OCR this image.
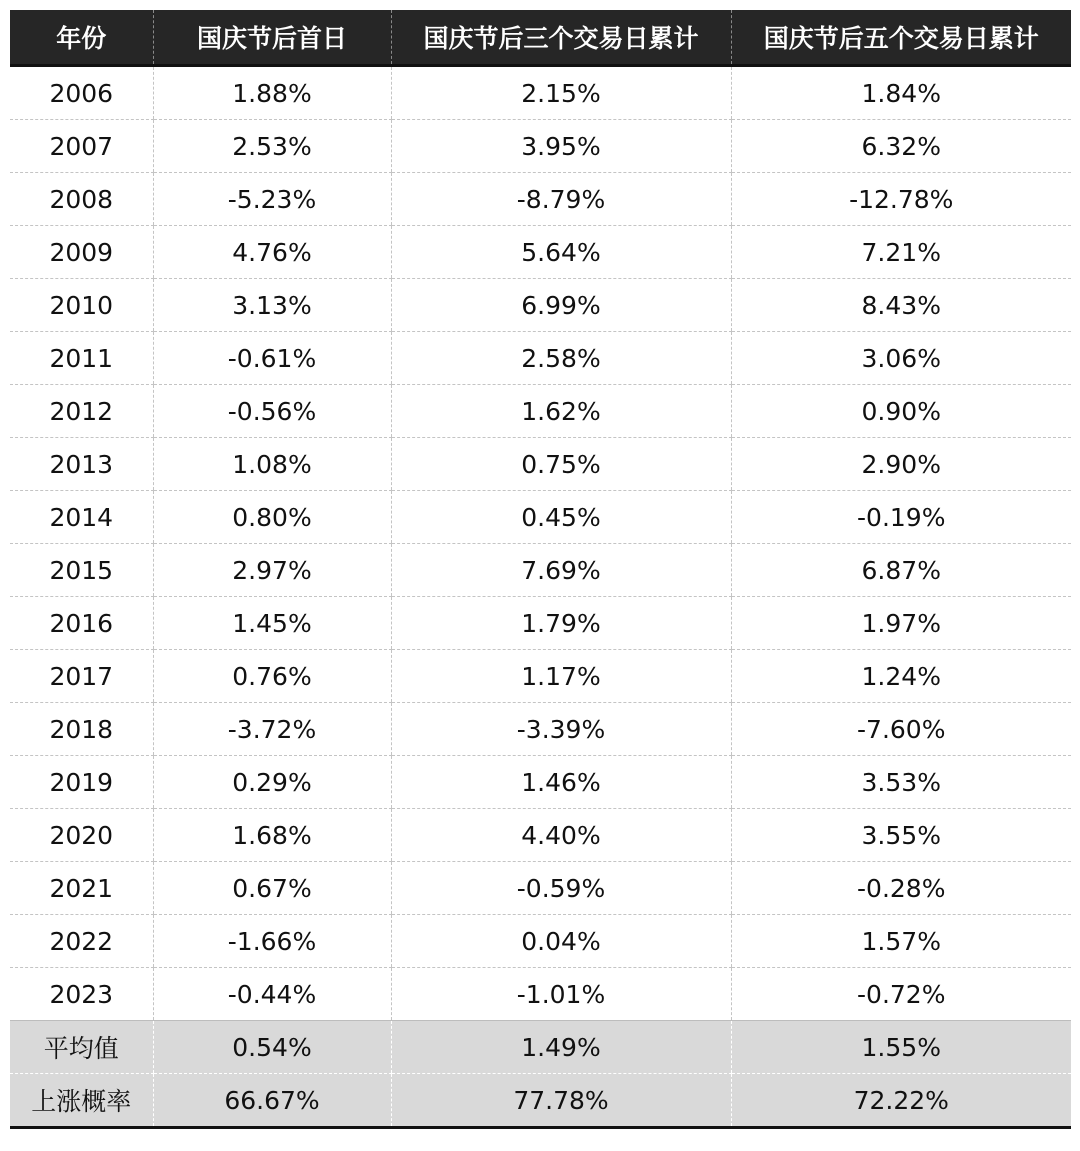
年份	国庆节后首日	国庆节后三个交易日累计	国庆节后五个交易日累计
2006	1.88%	2.15%	1.84%
2007	2.53%	3.95%	6.32%
2008	-5.23%	-8.79%	-12.78%
2009	4.76%	5.64%	7.21%
2010	3.13%	6.99%	8.43%
2011	-0.61%	2.58%	3.06%
2012	-0.56%	1.62%	0.90%
2013	1.08%	0.75%	2.90%
2014	0.80%	0.45%	-0.19%
2015	2.97%	7.69%	6.87%
2016	1.45%	1.79%	1.97%
2017	0.76%	1.17%	1.24%
2018	-3.72%	-3.39%	-7.60%
2019	0.29%	1.46%	3.53%
2020	1.68%	4.40%	3.55%
2021	0.67%	-0.59%	-0.28%
2022	-1.66%	0.04%	1.57%
2023	-0.44%	-1.01%	-0.72%
平均值	0.54%	1.49%	1.55%
上涨概率	66.67%	77.78%	72.22%
